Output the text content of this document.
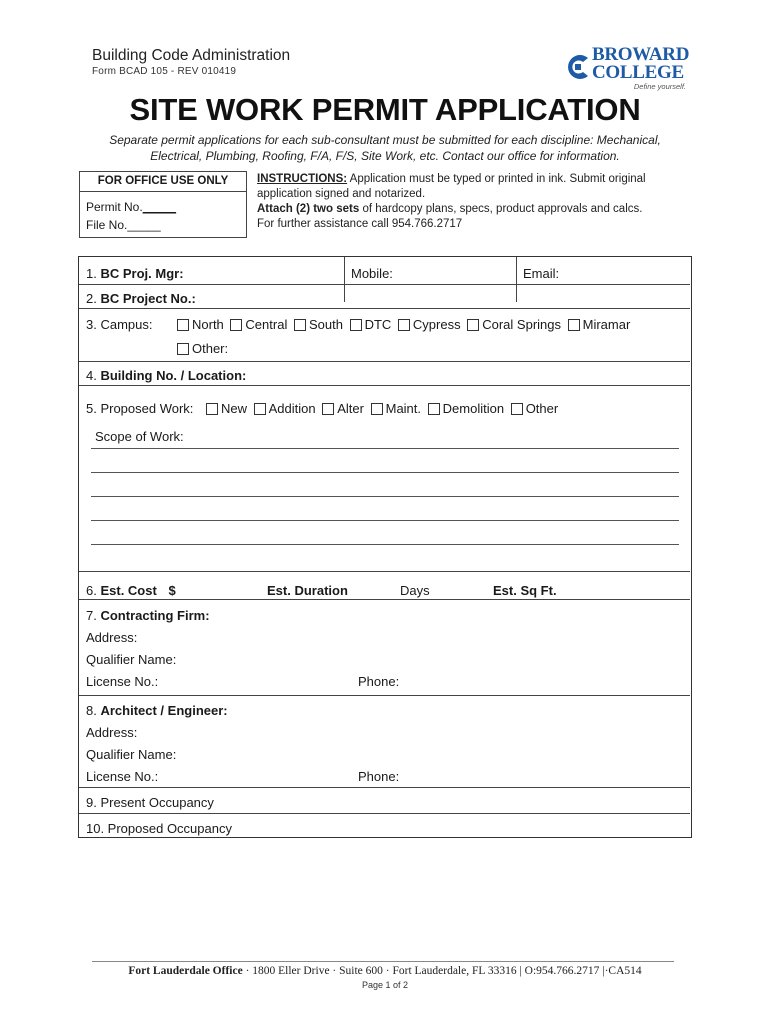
Building Code Administration
Form BCAD 105 - REV 010419
BROWARD
COLLEGE
Define yourself.
SITE WORK PERMIT APPLICATION
Separate permit applications for each sub-consultant must be submitted for each discipline: Mechanical,
Electrical, Plumbing, Roofing, F/A, F/S, Site Work, etc. Contact our office for information.
FOR OFFICE USE ONLY
Permit No._____
File No._____
INSTRUCTIONS: Application must be typed or printed in ink. Submit original application signed and notarized.
Attach (2) two sets of hardcopy plans, specs, product approvals and calcs.
For further assistance call 954.766.2717
1. BC Proj. Mgr:	Mobile:	Email:
2. BC Project No.:
3. Campus:	North Central South DTC Cypress Coral Springs Miramar
Other:
4. Building No. / Location:
5. Proposed Work:	New Addition Alter Maint. Demolition Other
Scope of Work:
6. Est. Cost $	Est. Duration	Days	Est. Sq Ft.
7. Contracting Firm:
Address:
Qualifier Name:
License No.:	Phone:
8. Architect / Engineer:
Address:
Qualifier Name:
License No.:	Phone:
9. Present Occupancy
10. Proposed Occupancy
Fort Lauderdale Office · 1800 Eller Drive · Suite 600 · Fort Lauderdale, FL 33316 | O:954.766.2717 |·CA514
Page 1 of 2
